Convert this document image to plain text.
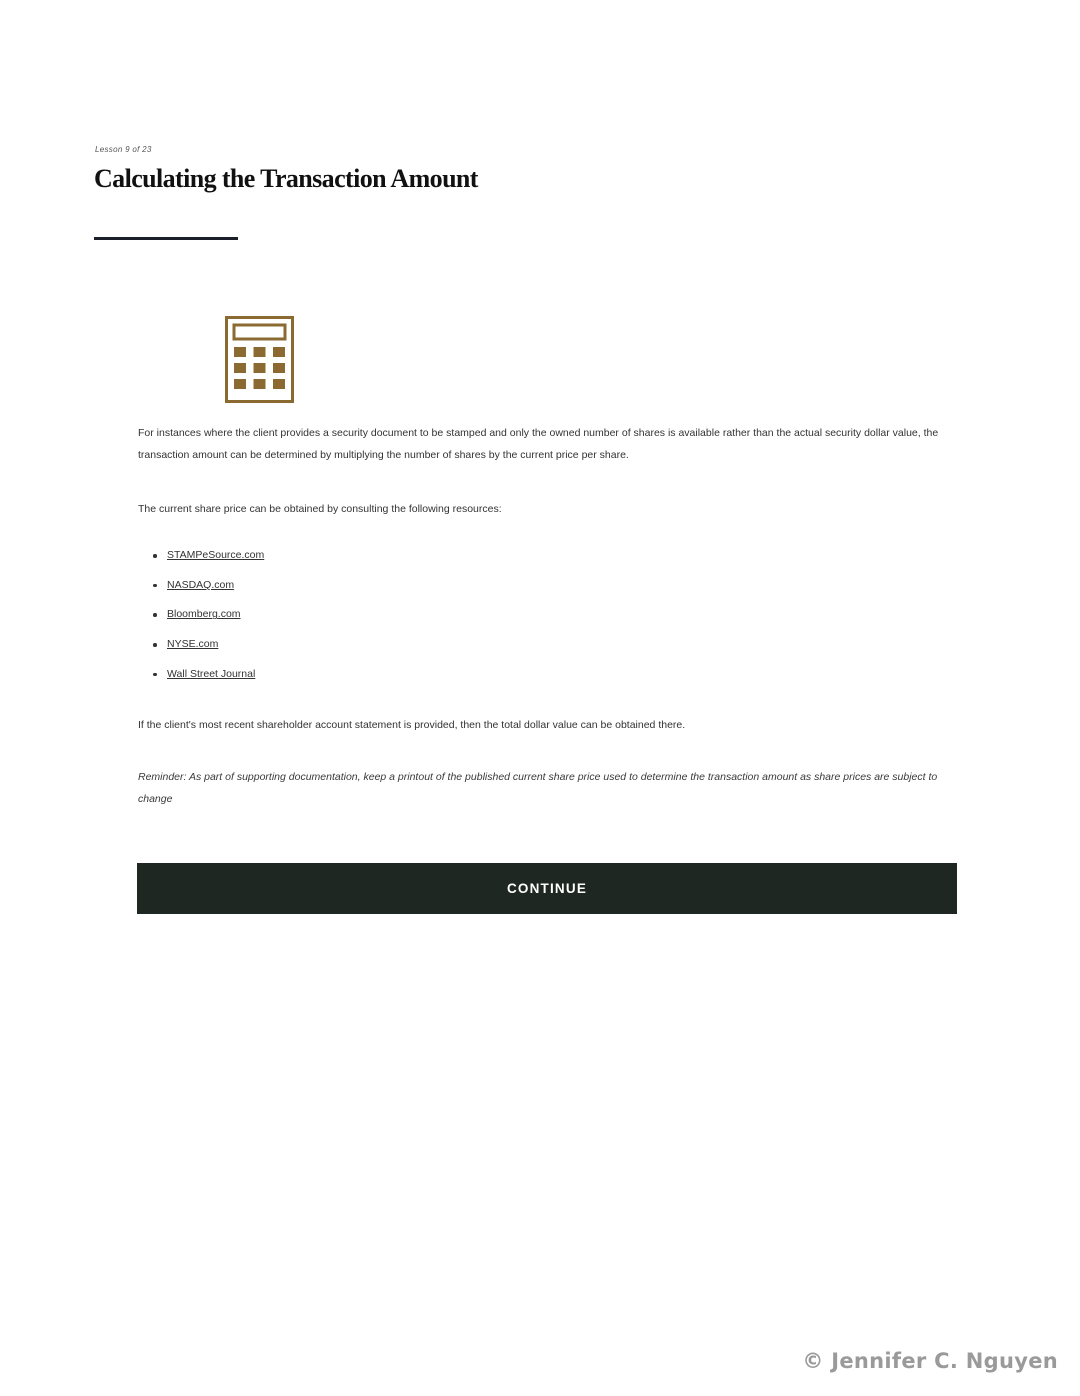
Lesson 9 of 23
Calculating the Transaction Amount

For instances where the client provides a security document to be stamped and only the owned number of shares is available rather than the actual security dollar value, the transaction amount can be determined by multiplying the number of shares by the current price per share.

The current share price can be obtained by consulting the following resources:

STAMPeSource.com
NASDAQ.com
Bloomberg.com
NYSE.com
Wall Street Journal

If the client's most recent shareholder account statement is provided, then the total dollar value can be obtained there.

Reminder: As part of supporting documentation, keep a printout of the published current share price used to determine the transaction amount as share prices are subject to change

CONTINUE
© Jennifer C. Nguyen
